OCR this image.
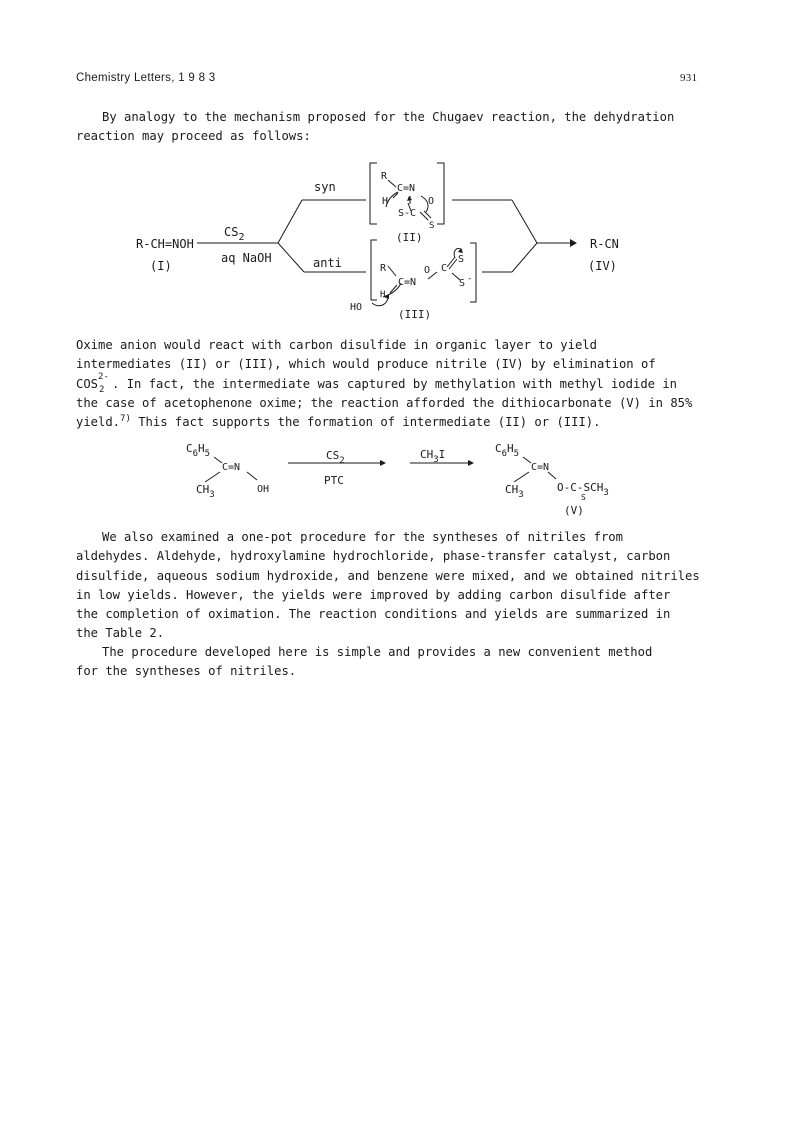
Chemistry Letters, 1 9 8 3	931
By analogy to the mechanism proposed for the Chugaev reaction, the dehydration
reaction may proceed as follows:
R-CH=NOH
(I)
$CS_2$
aq NaOH
syn
anti
R
C=N
H	O
S-C
S
(II)
R
C=N
H
O C
S
S -
HO
(III)
R-CN
(IV)
Oxime anion would react with carbon disulfide in organic layer to yield
intermediates (II) or (III), which would produce nitrile (IV) by elimination of
COS 2-
2 . In fact, the intermediate was captured by methylation with methyl iodide in
the case of acetophenone oxime; the reaction afforded the dithiocarbonate (V) in 85%
yield.$^{7)}$ This fact supports the formation of intermediate (II) or (III).
$C_6H_5$
C=N
$CH_3$	OH
$CS_2$
PTC
$CH_3I$	$C_6H_5$
C=N
$CH_3$
$O-C-SCH_3$
S
(V)
We also examined a one-pot procedure for the syntheses of nitriles from
aldehydes. Aldehyde, hydroxylamine hydrochloride, phase-transfer catalyst, carbon
disulfide, aqueous sodium hydroxide, and benzene were mixed, and we obtained nitriles
in low yields. However, the yields were improved by adding carbon disulfide after
the completion of oximation. The reaction conditions and yields are summarized in
the Table 2.
The procedure developed here is simple and provides a new convenient method
for the syntheses of nitriles.
